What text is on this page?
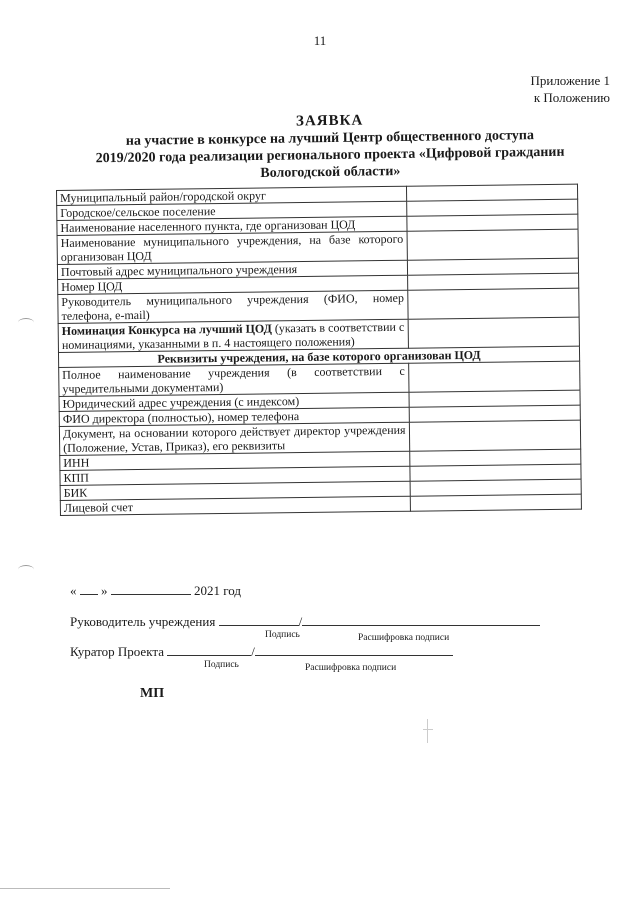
11
Приложение 1
к Положению
ЗАЯВКА
на участие в конкурсе на лучший Центр общественного доступа
2019/2020 года реализации регионального проекта «Цифровой гражданин
Вологодской области»
Муниципальный район/городской округ	
Городское/сельское поселение	
Наименование населенного пункта, где организован ЦОД	
Наименование муниципального учреждения, на базе которого организован ЦОД	
Почтовый адрес муниципального учреждения	
Номер ЦОД	
Руководитель муниципального учреждения (ФИО, номер телефона, e-mail)	
Номинация Конкурса на лучший ЦОД (указать в соответствии с номинациями, указанными в п. 4 настоящего положения)	
Реквизиты учреждения, на базе которого организован ЦОД	
Полное наименование учреждения (в соответствии с учредительными документами)	
Юридический адрес учреждения (с индексом)	
ФИО директора (полностью), номер телефона	
Документ, на основании которого действует директор учреждения (Положение, Устав, Приказ), его реквизиты	
ИНН	
КПП	
БИК	
Лицевой счет	
« »	2021 год
Руководитель учреждения	/
Подпись	Расшифровка подписи
Куратор Проекта	/
Подпись	Расшифровка подписи
МП
